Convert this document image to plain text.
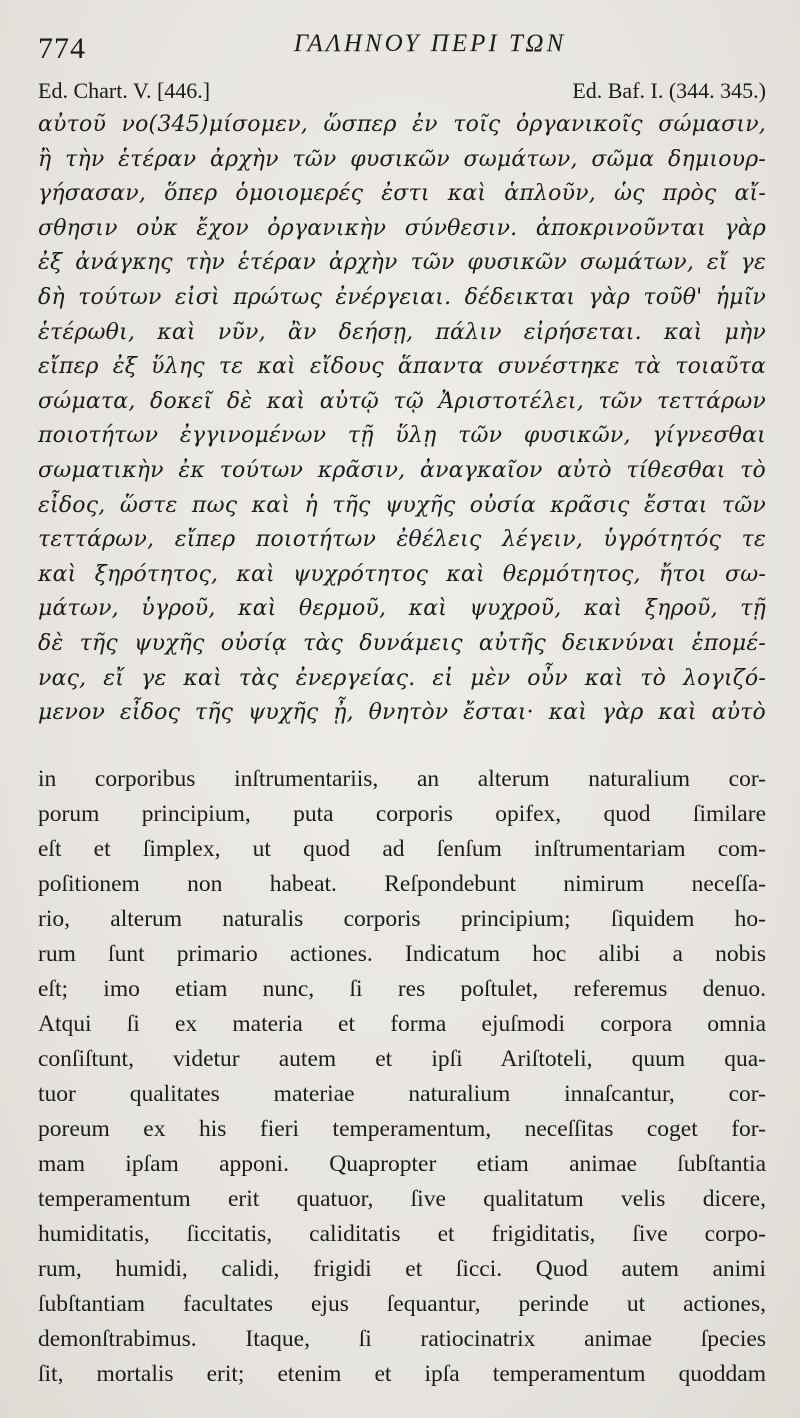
774	ΓΑΛΗΝΟΥ ΠΕΡΙ ΤΩΝ
Ed. Chart. V. [446.]	Ed. Baf. I. (344. 345.)
αὐτοῦ νο(345)μίσομεν, ὥσπερ ἐν τοῖς ὀργανικοῖς σώμασιν,
ἢ τὴν ἑτέραν ἀρχὴν τῶν φυσικῶν σωμάτων, σῶμα δημιουρ-
γήσασαν, ὅπερ ὁμοιομερές ἐστι καὶ ἁπλοῦν, ὡς πρὸς αἴ-
σθησιν οὐκ ἔχον ὀργανικὴν σύνθεσιν. ἀποκρινοῦνται γὰρ
ἐξ ἀνάγκης τὴν ἑτέραν ἀρχὴν τῶν φυσικῶν σωμάτων, εἴ γε
δὴ τούτων εἰσὶ πρώτως ἐνέργειαι. δέδεικται γὰρ τοῦθ' ἡμῖν
ἑτέρωθι, καὶ νῦν, ἂν δεήσῃ, πάλιν εἰρήσεται. καὶ μὴν
εἴπερ ἐξ ὕλης τε καὶ εἴδους ἅπαντα συνέστηκε τὰ τοιαῦτα
σώματα, δοκεῖ δὲ καὶ αὐτῷ τῷ Ἀριστοτέλει, τῶν τεττάρων
ποιοτήτων ἐγγινομένων τῇ ὕλῃ τῶν φυσικῶν, γίγνεσθαι
σωματικὴν ἐκ τούτων κρᾶσιν, ἀναγκαῖον αὐτὸ τίθεσθαι τὸ
εἶδος, ὥστε πως καὶ ἡ τῆς ψυχῆς οὐσία κρᾶσις ἔσται τῶν
τεττάρων, εἴπερ ποιοτήτων ἐθέλεις λέγειν, ὑγρότητός τε
καὶ ξηρότητος, καὶ ψυχρότητος καὶ θερμότητος, ἤτοι σω-
μάτων, ὑγροῦ, καὶ θερμοῦ, καὶ ψυχροῦ, καὶ ξηροῦ, τῇ
δὲ τῆς ψυχῆς οὐσίᾳ τὰς δυνάμεις αὐτῆς δεικνύναι ἑπομέ-
νας, εἴ γε καὶ τὰς ἐνεργείας. εἰ μὲν οὖν καὶ τὸ λογιζό-
μενον εἶδος τῆς ψυχῆς ᾖ, θνητὸν ἔσται· καὶ γὰρ καὶ αὐτὸ
in corporibus inſtrumentariis, an alterum naturalium cor-
porum principium, puta corporis opifex, quod ſimilare
eſt et ſimplex, ut quod ad ſenſum inſtrumentariam com-
poſitionem non habeat. Reſpondebunt nimirum neceſſa-
rio, alterum naturalis corporis principium; ſiquidem ho-
rum ſunt primario actiones. Indicatum hoc alibi a nobis
eſt; imo etiam nunc, ſi res poſtulet, referemus denuo.
Atqui ſi ex materia et forma ejuſmodi corpora omnia
conſiſtunt, videtur autem et ipſi Ariſtoteli, quum qua-
tuor qualitates materiae naturalium innaſcantur, cor-
poreum ex his fieri temperamentum, neceſſitas coget for-
mam ipſam apponi. Quapropter etiam animae ſubſtantia
temperamentum erit quatuor, ſive qualitatum velis dicere,
humiditatis, ſiccitatis, caliditatis et frigiditatis, ſive corpo-
rum, humidi, calidi, frigidi et ſicci. Quod autem animi
ſubſtantiam facultates ejus ſequantur, perinde ut actiones,
demonſtrabimus. Itaque, ſi ratiocinatrix animae ſpecies
ſit, mortalis erit; etenim et ipſa temperamentum quoddam
